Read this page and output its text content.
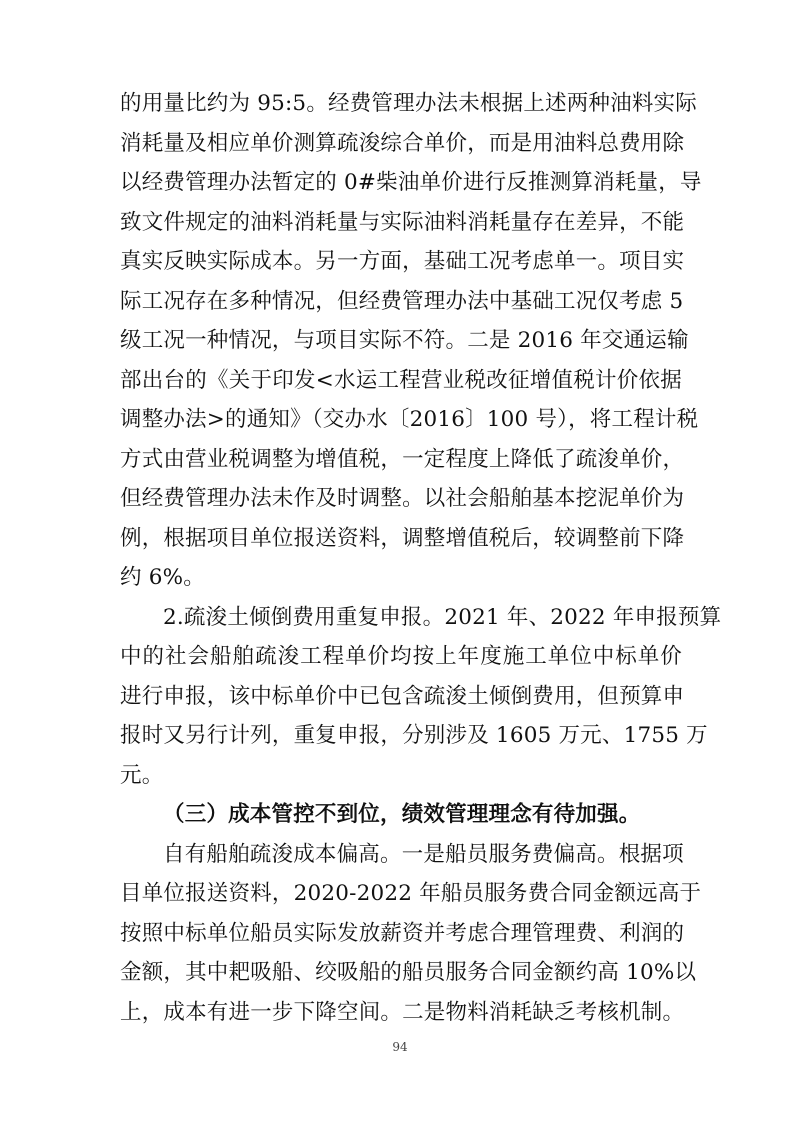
的用量比约为 95:5。经费管理办法未根据上述两种油料实际
消耗量及相应单价测算疏浚综合单价，而是用油料总费用除
以经费管理办法暂定的 0#柴油单价进行反推测算消耗量，导
致文件规定的油料消耗量与实际油料消耗量存在差异，不能
真实反映实际成本。另一方面，基础工况考虑单一。项目实
际工况存在多种情况，但经费管理办法中基础工况仅考虑 5
级工况一种情况，与项目实际不符。二是 2016 年交通运输
部出台的《关于印发<水运工程营业税改征增值税计价依据
调整办法>的通知》（交办水〔2016〕100 号），将工程计税
方式由营业税调整为增值税，一定程度上降低了疏浚单价，
但经费管理办法未作及时调整。以社会船舶基本挖泥单价为
例，根据项目单位报送资料，调整增值税后，较调整前下降
约 6%。
2.疏浚土倾倒费用重复申报。2021 年、2022 年申报预算
中的社会船舶疏浚工程单价均按上年度施工单位中标单价
进行申报，该中标单价中已包含疏浚土倾倒费用，但预算申
报时又另行计列，重复申报，分别涉及 1605 万元、1755 万
元。
（三）成本管控不到位，绩效管理理念有待加强。
自有船舶疏浚成本偏高。一是船员服务费偏高。根据项
目单位报送资料，2020-2022 年船员服务费合同金额远高于
按照中标单位船员实际发放薪资并考虑合理管理费、利润的
金额，其中耙吸船、绞吸船的船员服务合同金额约高 10%以
上，成本有进一步下降空间。二是物料消耗缺乏考核机制。
94
